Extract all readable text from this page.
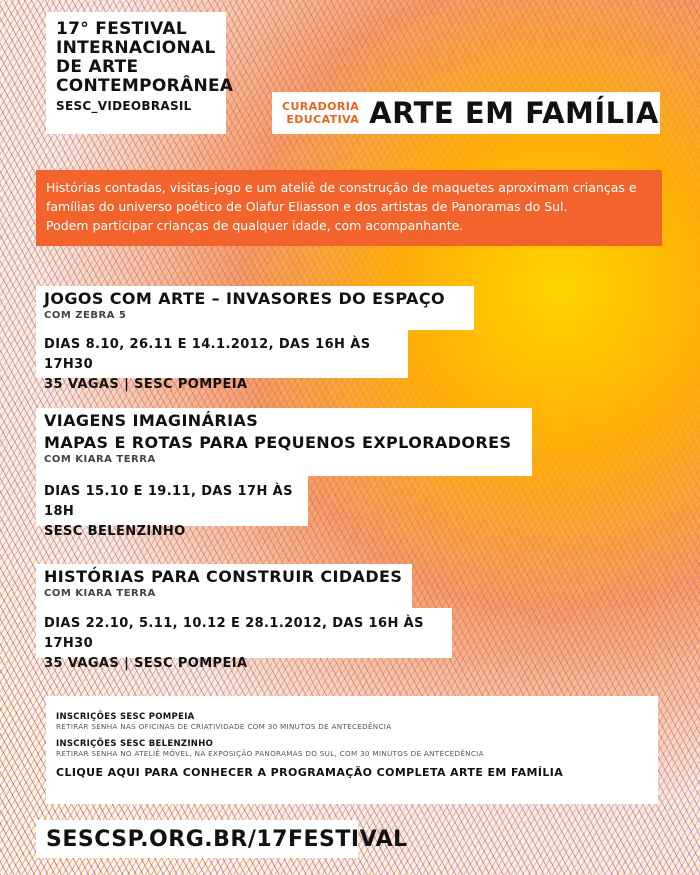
17° FESTIVAL
INTERNACIONAL
DE ARTE
CONTEMPORÂNEA
SESC_VIDEOBRASIL	CURADORIA
EDUCATIVA ARTE EM FAMÍLIA
Histórias contadas, visitas-jogo e um ateliê de construção de maquetes aproximam crianças e
famílias do universo poético de Olafur Eliasson e dos artistas de Panoramas do Sul.
Podem participar crianças de qualquer idade, com acompanhante.
JOGOS COM ARTE – INVASORES DO ESPAÇO
COM ZEBRA 5
DIAS 8.10, 26.11 E 14.1.2012, DAS 16H ÀS 17H30
35 VAGAS | SESC POMPEIA
VIAGENS IMAGINÁRIAS
MAPAS E ROTAS PARA PEQUENOS EXPLORADORES
COM KIARA TERRA
DIAS 15.10 E 19.11, DAS 17H ÀS 18H
SESC BELENZINHO
HISTÓRIAS PARA CONSTRUIR CIDADES
COM KIARA TERRA
DIAS 22.10, 5.11, 10.12 E 28.1.2012, DAS 16H ÀS 17H30
35 VAGAS | SESC POMPEIA
INSCRIÇÕES SESC POMPEIA
RETIRAR SENHA NAS OFICINAS DE CRIATIVIDADE COM 30 MINUTOS DE ANTECEDÊNCIA
INSCRIÇÕES SESC BELENZINHO
RETIRAR SENHA NO ATELIÊ MÓVEL, NA EXPOSIÇÃO PANORAMAS DO SUL, COM 30 MINUTOS DE ANTECEDÊNCIA
CLIQUE AQUI PARA CONHECER A PROGRAMAÇÃO COMPLETA ARTE EM FAMÍLIA
SESCSP.ORG.BR/17FESTIVAL
